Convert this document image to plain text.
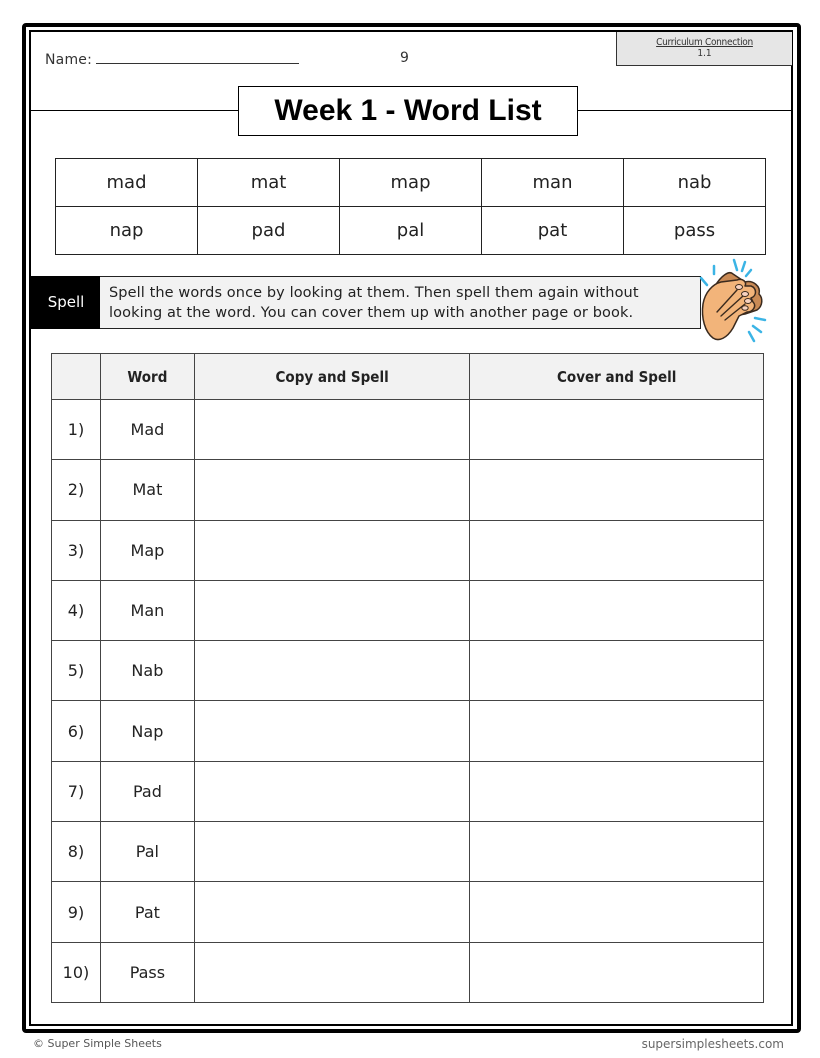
Name:	9
Curriculum Connection
1.1
Week 1 - Word List
mad	mat	map	man	nab
nap	pad	pal	pat	pass
Spell	Spell the words once by looking at them. Then spell them again without looking at the word. You can cover them up with another page or book.
	Word	Copy and Spell	Cover and Spell
1)	Mad		
2)	Mat		
3)	Map		
4)	Man		
5)	Nab		
6)	Nap		
7)	Pad		
8)	Pal		
9)	Pat		
10)	Pass		
© Super Simple Sheets	supersimplesheets.com
